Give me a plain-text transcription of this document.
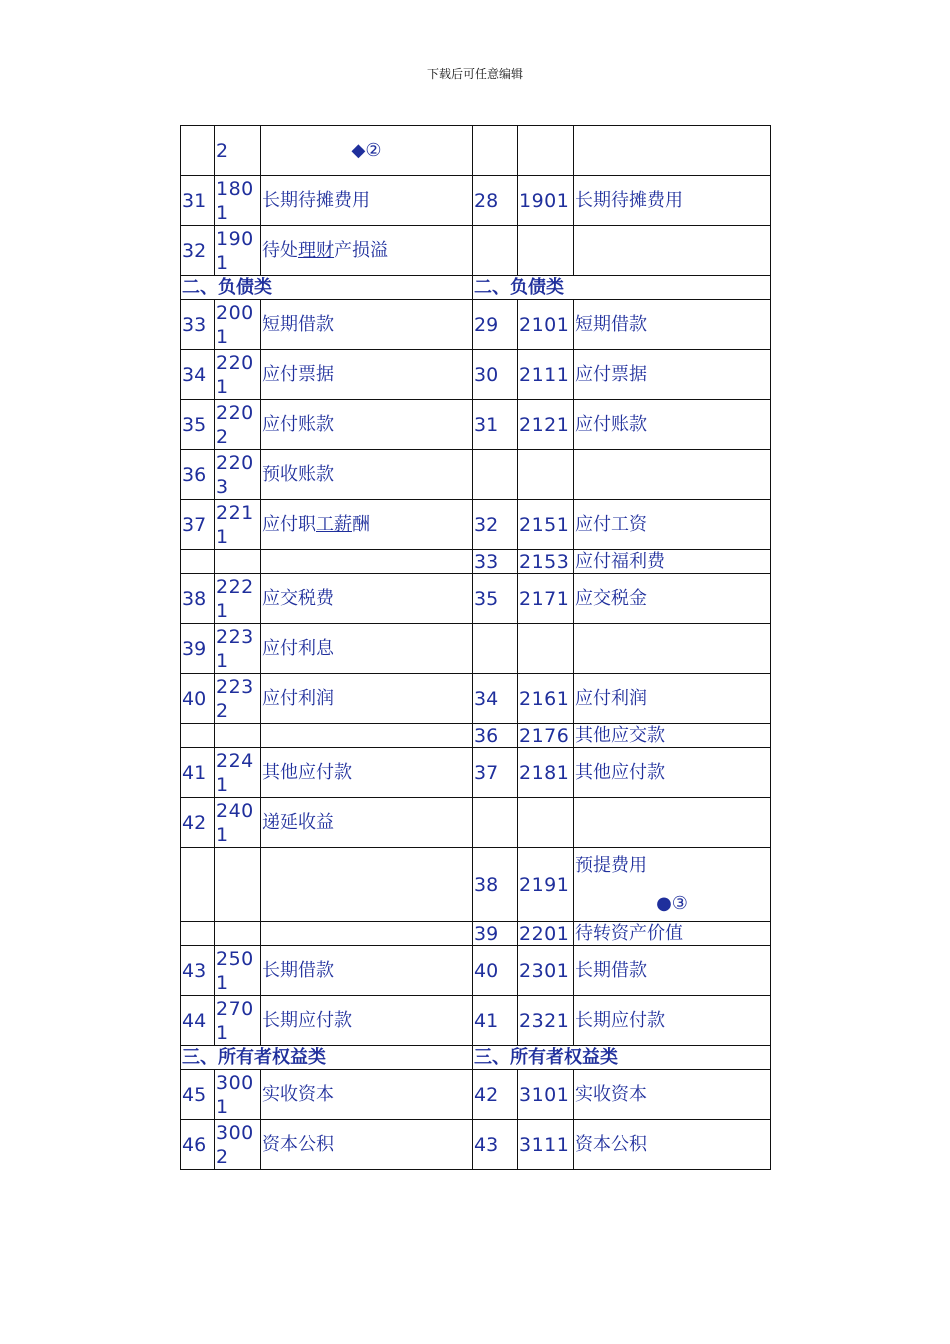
下载后可任意编辑
	2	◆②			

31	1801	长期待摊费用	28	1901	长期待摊费用
32	1901	待处理财产损溢			
二、负债类			二、负债类		
33	2001	短期借款	29	2101	短期借款
34	2201	应付票据	30	2111	应付票据
35	2202	应付账款	31	2121	应付账款
36	2203	预收账款			
37	2211	应付职工薪酬	32	2151	应付工资
			33	2153	应付福利费
38	2221	应交税费	35	2171	应交税金
39	2231	应付利息			
40	2232	应付利润	34	2161	应付利润
			36	2176	其他应交款
41	2241	其他应付款	37	2181	其他应付款
42	2401	递延收益			
			38	2191	预提费用
●③

			39	2201	待转资产价值
43	2501	长期借款	40	2301	长期借款
44	2701	长期应付款	41	2321	长期应付款
三、所有者权益类			三、所有者权益类		
45	3001	实收资本	42	3101	实收资本
46	3002	资本公积	43	3111	资本公积
